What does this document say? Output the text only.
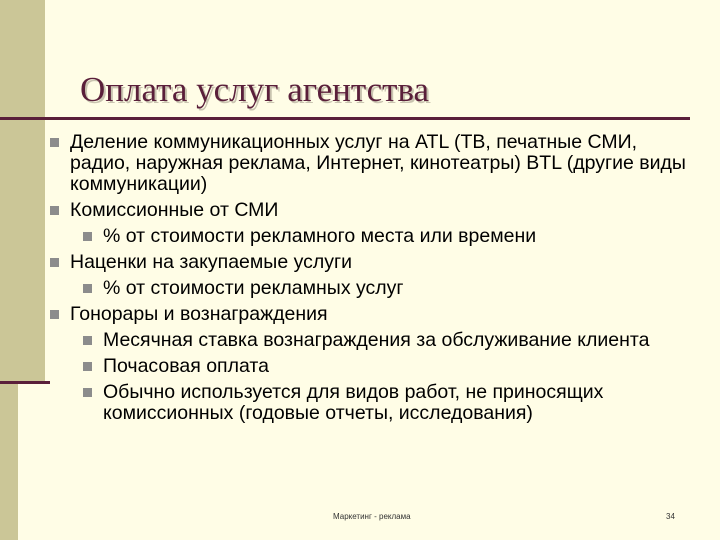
Оплата услуг агентства
Деление коммуникационных услуг на ATL (ТВ, печатные СМИ, радио, наружная реклама, Интернет, кинотеатры) BTL (другие виды коммуникации)
Комиссионные от СМИ
% от стоимости рекламного места или времени
Наценки на закупаемые услуги
% от стоимости рекламных услуг
Гонорары и вознаграждения
Месячная ставка вознаграждения за обслуживание клиента
Почасовая оплата
Обычно используется для видов работ, не приносящих комиссионных (годовые отчеты, исследования)
Маркетинг - реклама	34
